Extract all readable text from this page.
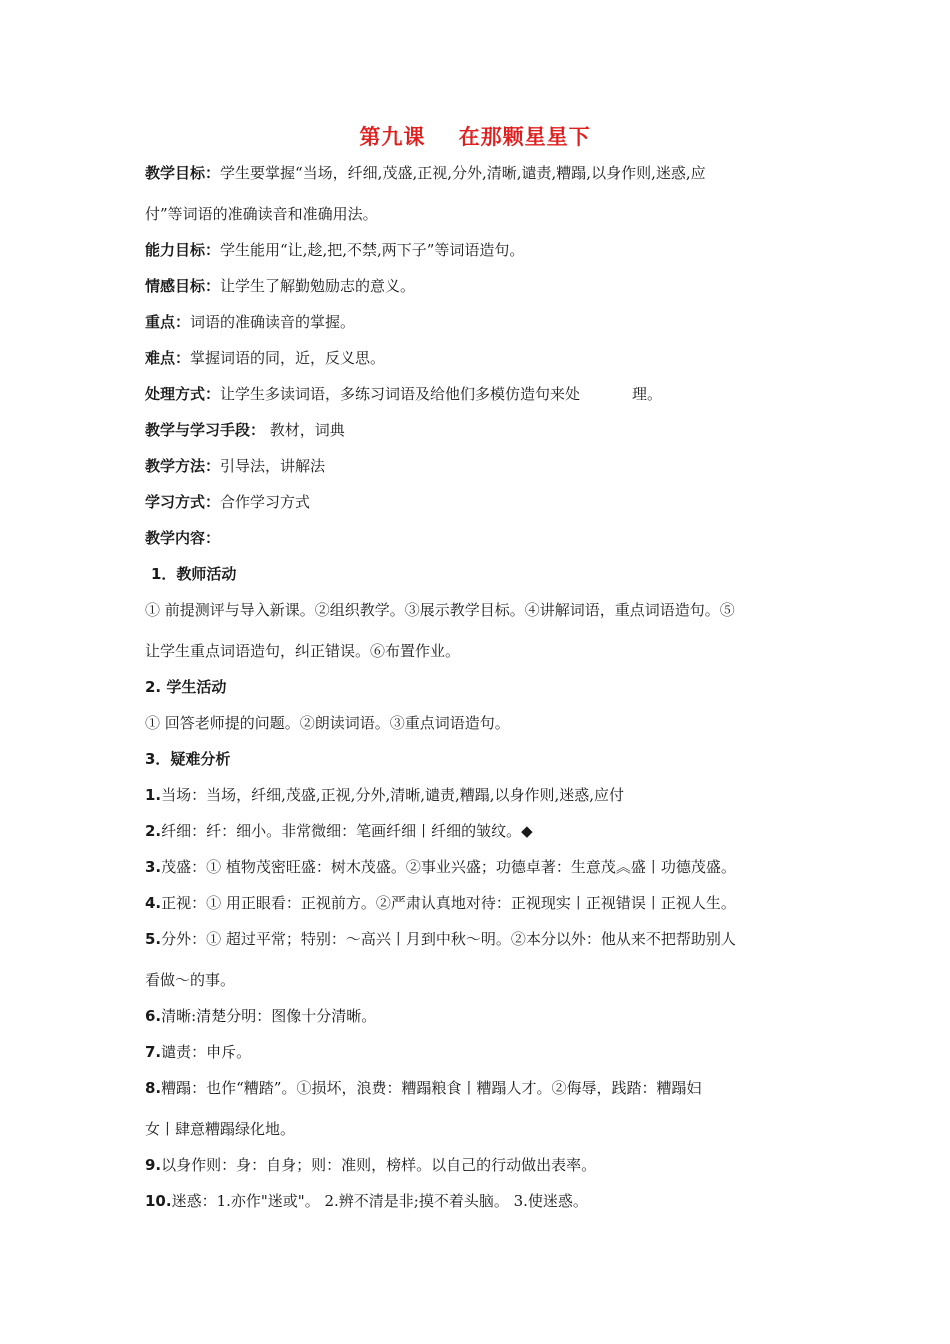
第九课    在那颗星星下
教学目标：学生要掌握“当场，纤细,茂盛,正视,分外,清晰,谴责,糟蹋,以身作则,迷惑,应
付”等词语的准确读音和准确用法。
能力目标：学生能用“让,趁,把,不禁,两下子”等词语造句。
情感目标：让学生了解勤勉励志的意义。
重点：词语的准确读音的掌握。
难点：掌握词语的同，近，反义思。
处理方式：让学生多读词语，多练习词语及给他们多模仿造句来处	理。
教学与学习手段： 教材，词典
教学方法：引导法，讲解法
学习方式：合作学习方式
教学内容：
1．教师活动
① 前提测评与导入新课。②组织教学。③展示教学目标。④讲解词语，重点词语造句。⑤
让学生重点词语造句，纠正错误。⑥布置作业。
2. 学生活动
① 回答老师提的问题。②朗读词语。③重点词语造句。
3．疑难分析
1.当场：当场，纤细,茂盛,正视,分外,清晰,谴责,糟蹋,以身作则,迷惑,应付
2.纤细：纤：细小。非常微细：笔画纤细丨纤细的皱纹。◆
3.茂盛：① 植物茂密旺盛：树木茂盛。②事业兴盛；功德卓著：生意茂︽盛丨功德茂盛。
4.正视：① 用正眼看：正视前方。②严肃认真地对待：正视现实丨正视错误丨正视人生。
5.分外：① 超过平常；特别：～高兴丨月到中秋～明。②本分以外：他从来不把帮助别人
看做～的事。
6.清晰:清楚分明：图像十分清晰。
7.谴责：申斥。
8.糟蹋：也作“糟踏”。①损坏，浪费：糟蹋粮食丨糟蹋人才。②侮辱，践踏：糟蹋妇
女丨肆意糟蹋绿化地。
9.以身作则：身：自身；则：准则，榜样。以自己的行动做出表率。
10.迷惑：1.亦作"迷或"。 2.辨不清是非;摸不着头脑。 3.使迷惑。
